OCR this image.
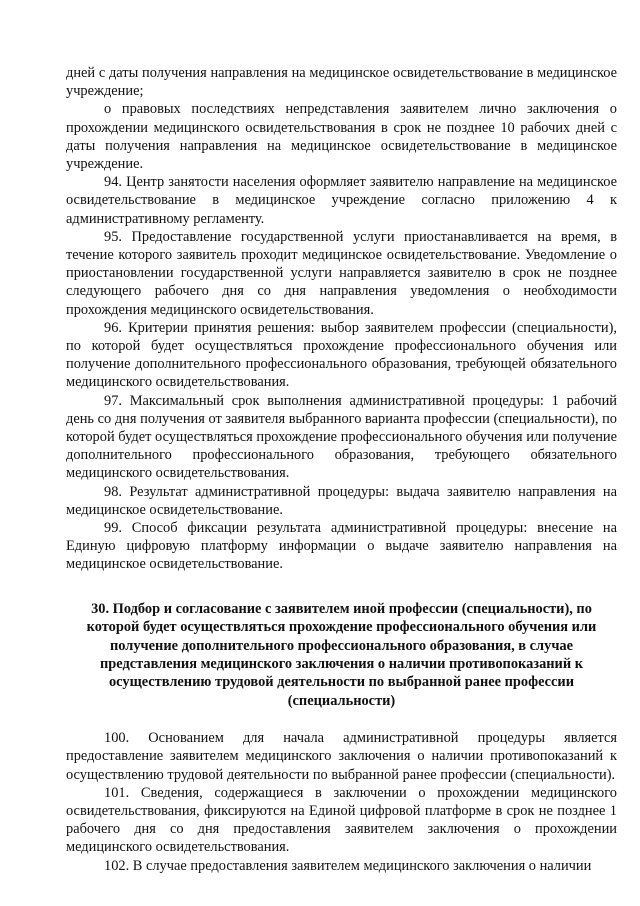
дней с даты получения направления на медицинское освидетельствование в медицинское учреждение;

о правовых последствиях непредставления заявителем лично заключения о прохождении медицинского освидетельствования в срок не позднее 10 рабочих дней с даты получения направления на медицинское освидетельствование в медицинское учреждение.

94. Центр занятости населения оформляет заявителю направление на медицинское освидетельствование в медицинское учреждение согласно приложению 4 к административному регламенту.

95. Предоставление государственной услуги приостанавливается на время, в течение которого заявитель проходит медицинское освидетельствование. Уведомление о приостановлении государственной услуги направляется заявителю в срок не позднее следующего рабочего дня со дня направления уведомления о необходимости прохождения медицинского освидетельствования.

96. Критерии принятия решения: выбор заявителем профессии (специальности), по которой будет осуществляться прохождение профессионального обучения или получение дополнительного профессионального образования, требующей обязательного медицинского освидетельствования.

97. Максимальный срок выполнения административной процедуры: 1 рабочий день со дня получения от заявителя выбранного варианта профессии (специальности), по которой будет осуществляться прохождение профессионального обучения или получение дополнительного профессионального образования, требующего обязательного медицинского освидетельствования.

98. Результат административной процедуры: выдача заявителю направления на медицинское освидетельствование.

99. Способ фиксации результата административной процедуры: внесение на Единую цифровую платформу информации о выдаче заявителю направления на медицинское освидетельствование.

30. Подбор и согласование с заявителем иной профессии (специальности), по которой будет осуществляться прохождение профессионального обучения или получение дополнительного профессионального образования, в случае представления медицинского заключения о наличии противопоказаний к осуществлению трудовой деятельности по выбранной ранее профессии (специальности)

100. Основанием для начала административной процедуры является предоставление заявителем медицинского заключения о наличии противопоказаний к осуществлению трудовой деятельности по выбранной ранее профессии (специальности).

101. Сведения, содержащиеся в заключении о прохождении медицинского освидетельствования, фиксируются на Единой цифровой платформе в срок не позднее 1 рабочего дня со дня предоставления заявителем заключения о прохождении медицинского освидетельствования.

102. В случае предоставления заявителем медицинского заключения о наличии
